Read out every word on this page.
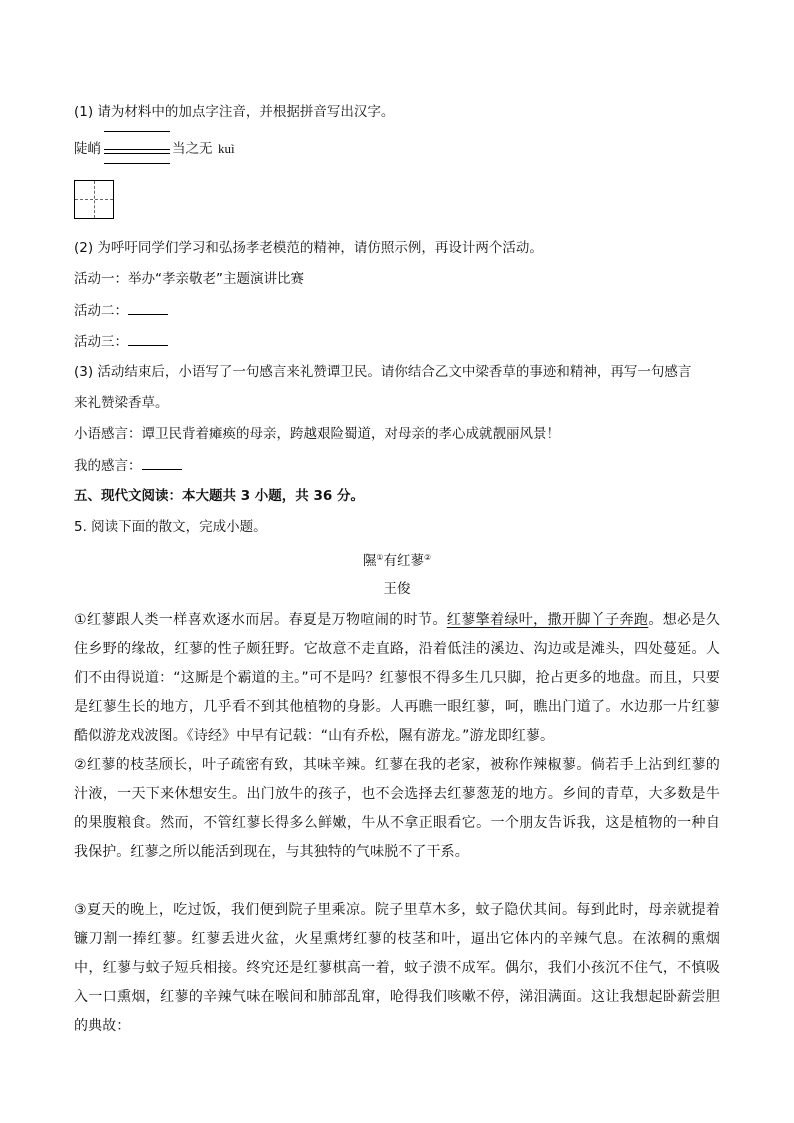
(1) 请为材料中的加点字注音，并根据拼音写出汉字。
陡峭	当之无 kuì
(2) 为呼吁同学们学习和弘扬孝老模范的精神，请仿照示例，再设计两个活动。
活动一：举办“孝亲敬老”主题演讲比赛
活动二：
活动三：
(3) 活动结束后，小语写了一句感言来礼赞谭卫民。请你结合乙文中梁香草的事迹和精神，再写一句感言
来礼赞梁香草。
小语感言：谭卫民背着瘫痪的母亲，跨越艰险蜀道，对母亲的孝心成就靓丽风景！
我的感言：
五、现代文阅读：本大题共 3 小题，共 36 分。
5. 阅读下面的散文，完成小题。
隰①有红蓼②
王俊

①红蓼跟人类一样喜欢逐水而居。春夏是万物喧闹的时节。红蓼擎着绿叶，撒开脚丫子奔跑。想必是久住乡野的缘故，红蓼的性子颇狂野。它故意不走直路，沿着低洼的溪边、沟边或是滩头，四处蔓延。人们不由得说道：“这厮是个霸道的主。”可不是吗？红蓼恨不得多生几只脚，抢占更多的地盘。而且，只要是红蓼生长的地方，几乎看不到其他植物的身影。人再瞧一眼红蓼，呵，瞧出门道了。水边那一片红蓼酷似游龙戏波图。《诗经》中早有记载：“山有乔松，隰有游龙。”游龙即红蓼。

②红蓼的枝茎颀长，叶子疏密有致，其味辛辣。红蓼在我的老家，被称作辣椒蓼。倘若手上沾到红蓼的汁液，一天下来休想安生。出门放牛的孩子，也不会选择去红蓼葱茏的地方。乡间的青草，大多数是牛的果腹粮食。然而，不管红蓼长得多么鲜嫩，牛从不拿正眼看它。一个朋友告诉我，这是植物的一种自我保护。红蓼之所以能活到现在，与其独特的气味脱不了干系。

③夏天的晚上，吃过饭，我们便到院子里乘凉。院子里草木多，蚊子隐伏其间。每到此时，母亲就提着镰刀割一捧红蓼。红蓼丢进火盆，火星熏烤红蓼的枝茎和叶，逼出它体内的辛辣气息。在浓稠的熏烟中，红蓼与蚊子短兵相接。终究还是红蓼棋高一着，蚊子溃不成军。偶尔，我们小孩沉不住气，不慎吸入一口熏烟，红蓼的辛辣气味在喉间和肺部乱窜，呛得我们咳嗽不停，涕泪满面。这让我想起卧薪尝胆的典故：
